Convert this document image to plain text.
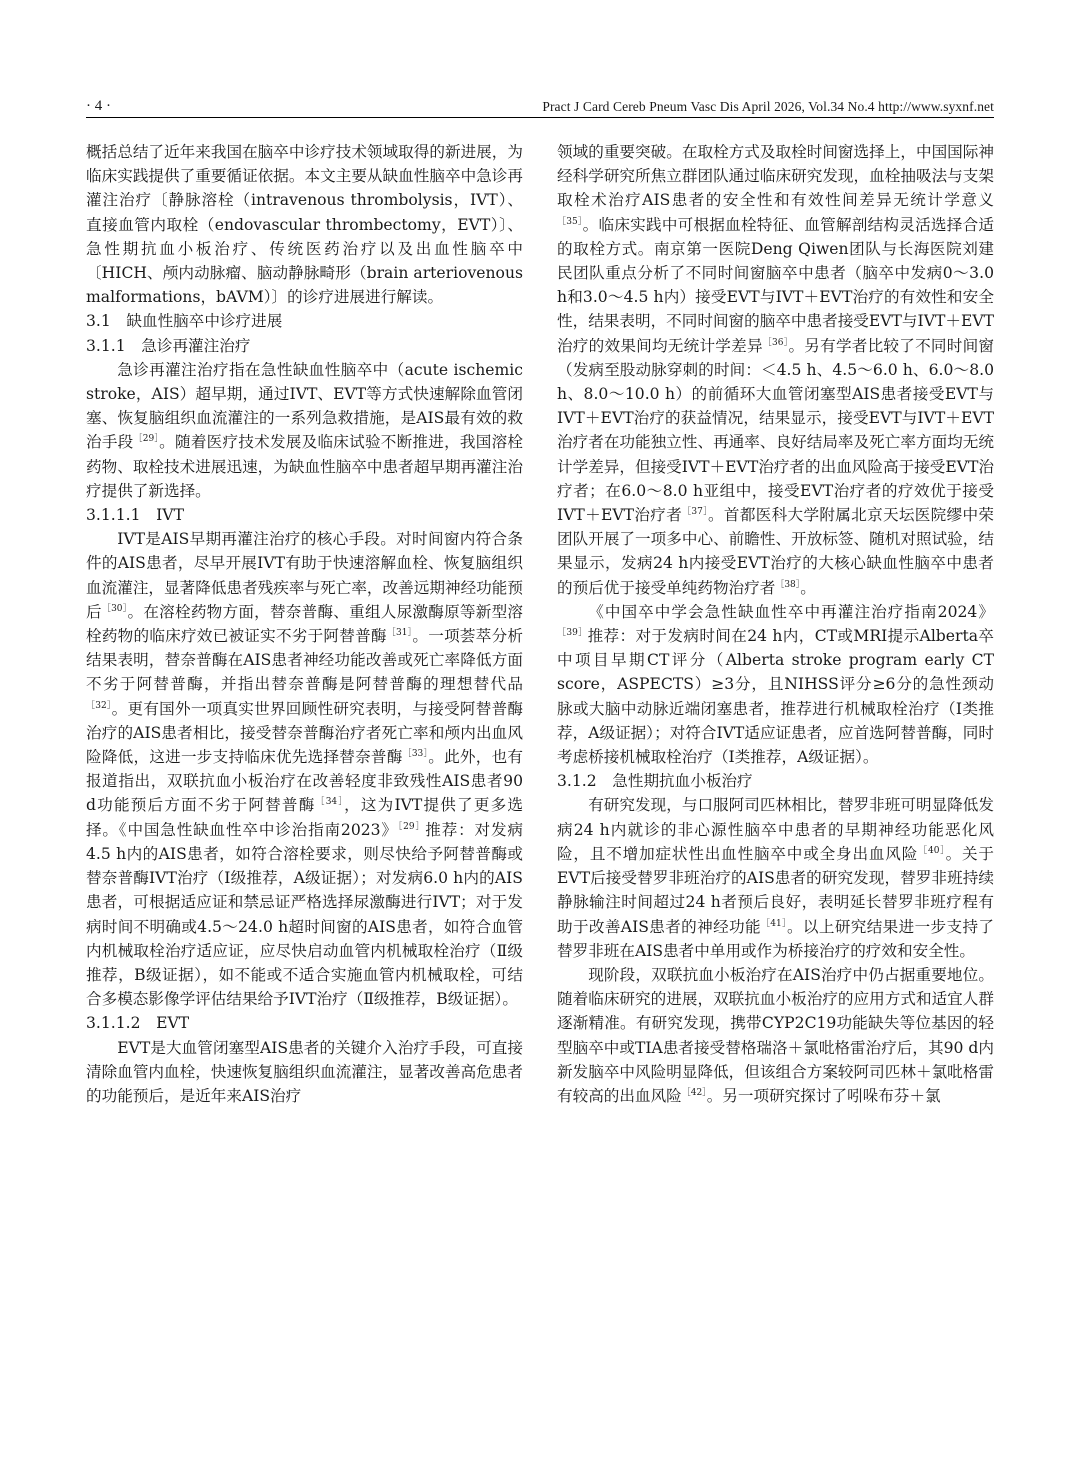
· 4 ·	Pract J Card Cereb Pneum Vasc Dis April 2026, Vol.34 No.4 http://www.syxnf.net

概括总结了近年来我国在脑卒中诊疗技术领域取得的新进展，为临床实践提供了重要循证依据。本文主要从缺血性脑卒中急诊再灌注治疗〔静脉溶栓（intravenous thrombolysis，IVT）、直接血管内取栓（endovascular thrombectomy，EVT）〕、急性期抗血小板治疗、传统医药治疗以及出血性脑卒中〔HICH、颅内动脉瘤、脑动静脉畸形（brain arteriovenous malformations，bAVM）〕的诊疗进展进行解读。

3.1　缺血性脑卒中诊疗进展
3.1.1　急诊再灌注治疗

急诊再灌注治疗指在急性缺血性脑卒中（acute ischemic stroke，AIS）超早期，通过IVT、EVT等方式快速解除血管闭塞、恢复脑组织血流灌注的一系列急救措施，是AIS最有效的救治手段$^{[29]}$。随着医疗技术发展及临床试验不断推进，我国溶栓药物、取栓技术进展迅速，为缺血性脑卒中患者超早期再灌注治疗提供了新选择。

3.1.1.1　IVT

IVT是AIS早期再灌注治疗的核心手段。对时间窗内符合条件的AIS患者，尽早开展IVT有助于快速溶解血栓、恢复脑组织血流灌注，显著降低患者残疾率与死亡率，改善远期神经功能预后$^{[30]}$。在溶栓药物方面，替奈普酶、重组人尿激酶原等新型溶栓药物的临床疗效已被证实不劣于阿替普酶$^{[31]}$。一项荟萃分析结果表明，替奈普酶在AIS患者神经功能改善或死亡率降低方面不劣于阿替普酶，并指出替奈普酶是阿替普酶的理想替代品$^{[32]}$。更有国外一项真实世界回顾性研究表明，与接受阿替普酶治疗的AIS患者相比，接受替奈普酶治疗者死亡率和颅内出血风险降低，这进一步支持临床优先选择替奈普酶$^{[33]}$。此外，也有报道指出，双联抗血小板治疗在改善轻度非致残性AIS患者90 d功能预后方面不劣于阿替普酶$^{[34]}$，这为IVT提供了更多选择。《中国急性缺血性卒中诊治指南2023》$^{[29]}$推荐：对发病4.5 h内的AIS患者，如符合溶栓要求，则尽快给予阿替普酶或替奈普酶IVT治疗（Ⅰ级推荐，A级证据）；对发病6.0 h内的AIS患者，可根据适应证和禁忌证严格选择尿激酶进行IVT；对于发病时间不明确或4.5～24.0 h超时间窗的AIS患者，如符合血管内机械取栓治疗适应证，应尽快启动血管内机械取栓治疗（Ⅱ级推荐，B级证据），如不能或不适合实施血管内机械取栓，可结合多模态影像学评估结果给予IVT治疗（Ⅱ级推荐，B级证据）。

3.1.1.2　EVT

EVT是大血管闭塞型AIS患者的关键介入治疗手段，可直接清除血管内血栓，快速恢复脑组织血流灌注，显著改善高危患者的功能预后，是近年来AIS治疗

领域的重要突破。在取栓方式及取栓时间窗选择上，中国国际神经科学研究所焦立群团队通过临床研究发现，血栓抽吸法与支架取栓术治疗AIS患者的安全性和有效性间差异无统计学意义$^{[35]}$。临床实践中可根据血栓特征、血管解剖结构灵活选择合适的取栓方式。南京第一医院Deng Qiwen团队与长海医院刘建民团队重点分析了不同时间窗脑卒中患者（脑卒中发病0～3.0 h和3.0～4.5 h内）接受EVT与IVT＋EVT治疗的有效性和安全性，结果表明，不同时间窗的脑卒中患者接受EVT与IVT＋EVT治疗的效果间均无统计学差异$^{[36]}$。另有学者比较了不同时间窗（发病至股动脉穿刺的时间：＜4.5 h、4.5～6.0 h、6.0～8.0 h、8.0～10.0 h）的前循环大血管闭塞型AIS患者接受EVT与IVT＋EVT治疗的获益情况，结果显示，接受EVT与IVT＋EVT治疗者在功能独立性、再通率、良好结局率及死亡率方面均无统计学差异，但接受IVT＋EVT治疗者的出血风险高于接受EVT治疗者；在6.0～8.0 h亚组中，接受EVT治疗者的疗效优于接受IVT＋EVT治疗者$^{[37]}$。首都医科大学附属北京天坛医院缪中荣团队开展了一项多中心、前瞻性、开放标签、随机对照试验，结果显示，发病24 h内接受EVT治疗的大核心缺血性脑卒中患者的预后优于接受单纯药物治疗者$^{[38]}$。

《中国卒中学会急性缺血性卒中再灌注治疗指南2024》$^{[39]}$推荐：对于发病时间在24 h内，CT或MRI提示Alberta卒中项目早期CT评分（Alberta stroke program early CT score，ASPECTS）≥3分，且NIHSS评分≥6分的急性颈动脉或大脑中动脉近端闭塞患者，推荐进行机械取栓治疗（Ⅰ类推荐，A级证据）；对符合IVT适应证患者，应首选阿替普酶，同时考虑桥接机械取栓治疗（Ⅰ类推荐，A级证据）。

3.1.2　急性期抗血小板治疗

有研究发现，与口服阿司匹林相比，替罗非班可明显降低发病24 h内就诊的非心源性脑卒中患者的早期神经功能恶化风险，且不增加症状性出血性脑卒中或全身出血风险$^{[40]}$。关于EVT后接受替罗非班治疗的AIS患者的研究发现，替罗非班持续静脉输注时间超过24 h者预后良好，表明延长替罗非班疗程有助于改善AIS患者的神经功能$^{[41]}$。以上研究结果进一步支持了替罗非班在AIS患者中单用或作为桥接治疗的疗效和安全性。

现阶段，双联抗血小板治疗在AIS治疗中仍占据重要地位。随着临床研究的进展，双联抗血小板治疗的应用方式和适宜人群逐渐精准。有研究发现，携带CYP2C19功能缺失等位基因的轻型脑卒中或TIA患者接受替格瑞洛＋氯吡格雷治疗后，其90 d内新发脑卒中风险明显降低，但该组合方案较阿司匹林＋氯吡格雷有较高的出血风险$^{[42]}$。另一项研究探讨了吲哚布芬＋氯
